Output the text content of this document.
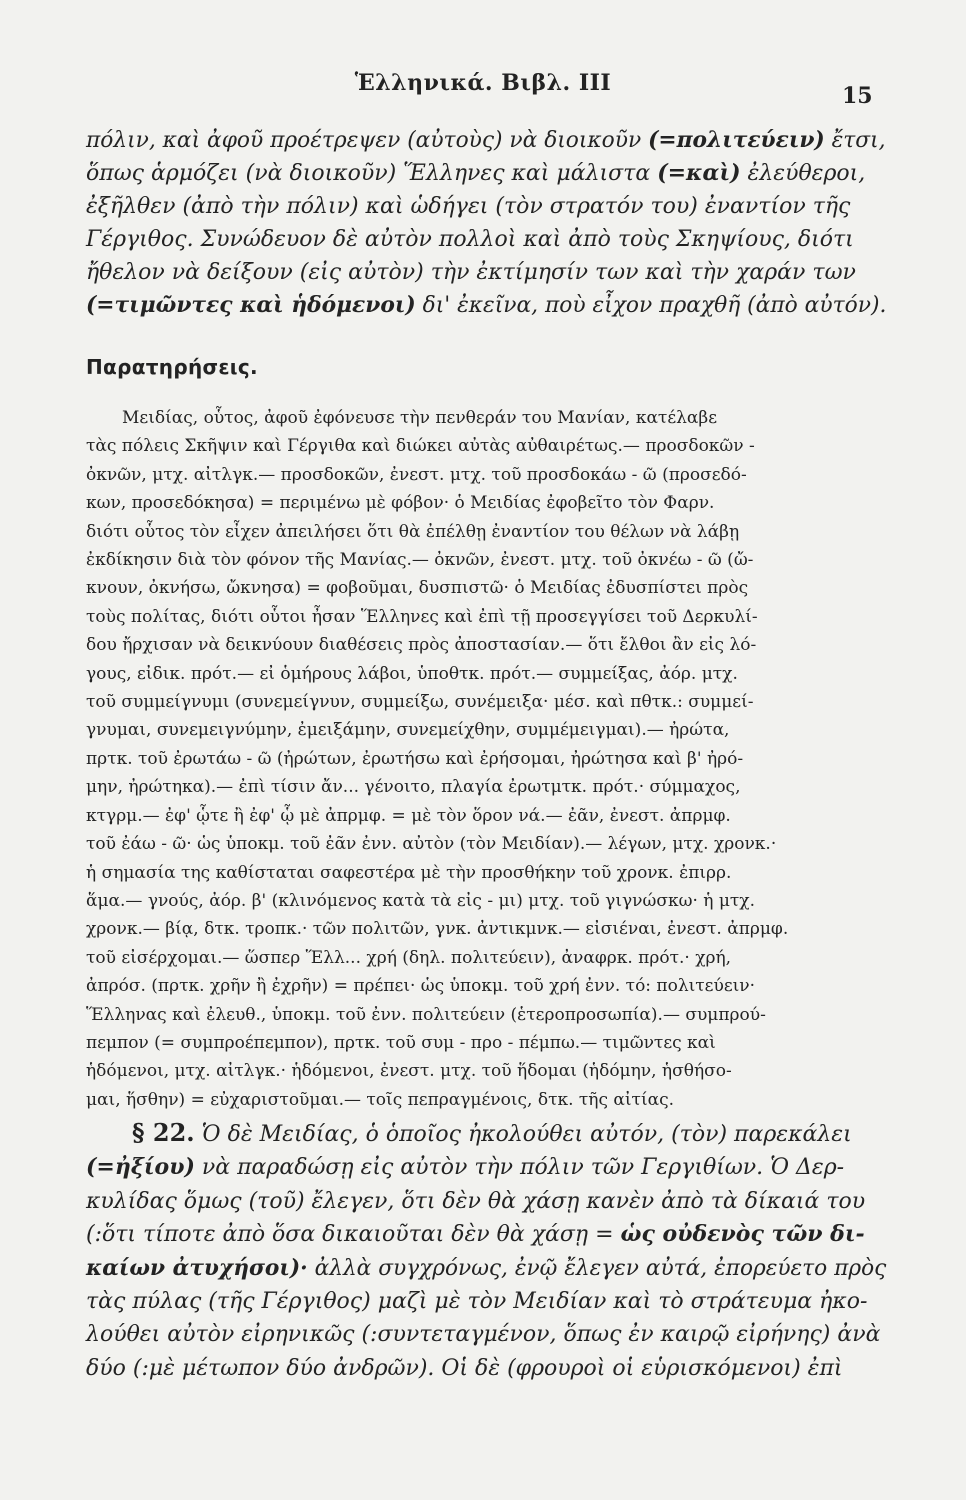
Ἑλληνικά. Βιβλ. III	15
πόλιν, καὶ ἀφοῦ προέτρεψεν (αὐτοὺς) νὰ διοικοῦν (=πολιτεύειν) ἔτσι,
ὅπως ἁρμόζει (νὰ διοικοῦν) Ἕλληνες καὶ μάλιστα (=καὶ) ἐλεύθεροι,
ἐξῆλθεν (ἀπὸ τὴν πόλιν) καὶ ὡδήγει (τὸν στρατόν του) ἐναντίον τῆς
Γέργιθος. Συνώδευον δὲ αὐτὸν πολλοὶ καὶ ἀπὸ τοὺς Σκηψίους, διότι
ἤθελον νὰ δείξουν (εἰς αὐτὸν) τὴν ἐκτίμησίν των καὶ τὴν χαράν των
(=τιμῶντες καὶ ἡδόμενοι) δι' ἐκεῖνα, ποὺ εἶχον πραχθῆ (ἀπὸ αὐτόν).
Παρατηρήσεις.
Μειδίας, οὗτος, ἀφοῦ ἐφόνευσε τὴν πενθεράν του Μανίαν, κατέλαβε
τὰς πόλεις Σκῆψιν καὶ Γέργιθα καὶ διώκει αὐτὰς αὐθαιρέτως.— προσδοκῶν -
ὀκνῶν, μτχ. αἰτλγκ.— προσδοκῶν, ἐνεστ. μτχ. τοῦ προσδοκάω - ῶ (προσεδό-
κων, προσεδόκησα) = περιμένω μὲ φόβον· ὁ Μειδίας ἐφοβεῖτο τὸν Φαρν.
διότι οὗτος τὸν εἶχεν ἀπειλήσει ὅτι θὰ ἐπέλθῃ ἐναντίον του θέλων νὰ λάβῃ
ἐκδίκησιν διὰ τὸν φόνον τῆς Μανίας.— ὀκνῶν, ἐνεστ. μτχ. τοῦ ὀκνέω - ῶ (ὤ-
κνουν, ὀκνήσω, ὤκνησα) = φοβοῦμαι, δυσπιστῶ· ὁ Μειδίας ἐδυσπίστει πρὸς
τοὺς πολίτας, διότι οὗτοι ἦσαν Ἕλληνες καὶ ἐπὶ τῇ προσεγγίσει τοῦ Δερκυλί-
δου ἤρχισαν νὰ δεικνύουν διαθέσεις πρὸς ἀποστασίαν.— ὅτι ἔλθοι ἂν εἰς λό-
γους, εἰδικ. πρότ.— εἰ ὁμήρους λάβοι, ὑποθτκ. πρότ.— συμμείξας, ἀόρ. μτχ.
τοῦ συμμείγνυμι (συνεμείγνυν, συμμείξω, συνέμειξα· μέσ. καὶ πθτκ.: συμμεί-
γνυμαι, συνεμειγνύμην, ἐμειξάμην, συνεμείχθην, συμμέμειγμαι).— ἠρώτα,
πρτκ. τοῦ ἐρωτάω - ῶ (ἠρώτων, ἐρωτήσω καὶ ἐρήσομαι, ἠρώτησα καὶ β' ἠρό-
μην, ἠρώτηκα).— ἐπὶ τίσιν ἄν... γένοιτο, πλαγία ἐρωτμτκ. πρότ.· σύμμαχος,
κτγρμ.— ἐφ' ᾧτε ἢ ἐφ' ᾧ μὲ ἀπρμφ. = μὲ τὸν ὅρον νά.— ἐᾶν, ἐνεστ. ἀπρμφ.
τοῦ ἐάω - ῶ· ὡς ὑποκμ. τοῦ ἐᾶν ἐνν. αὐτὸν (τὸν Μειδίαν).— λέγων, μτχ. χρονκ.·
ἡ σημασία της καθίσταται σαφεστέρα μὲ τὴν προσθήκην τοῦ χρονκ. ἐπιρρ.
ἅμα.— γνούς, ἀόρ. β' (κλινόμενος κατὰ τὰ εἰς - μι) μτχ. τοῦ γιγνώσκω· ἡ μτχ.
χρονκ.— βίᾳ, δτκ. τροπκ.· τῶν πολιτῶν, γνκ. ἀντικμνκ.— εἰσιέναι, ἐνεστ. ἀπρμφ.
τοῦ εἰσέρχομαι.— ὥσπερ Ἕλλ... χρή (δηλ. πολιτεύειν), ἀναφρκ. πρότ.· χρή,
ἀπρόσ. (πρτκ. χρῆν ἢ ἐχρῆν) = πρέπει· ὡς ὑποκμ. τοῦ χρή ἐνν. τό: πολιτεύειν·
Ἕλληνας καὶ ἐλευθ., ὑποκμ. τοῦ ἐνν. πολιτεύειν (ἑτεροπροσωπία).— συμπρού-
πεμπον (= συμπροέπεμπον), πρτκ. τοῦ συμ - προ - πέμπω.— τιμῶντες καὶ
ἡδόμενοι, μτχ. αἰτλγκ.· ἡδόμενοι, ἐνεστ. μτχ. τοῦ ἥδομαι (ἡδόμην, ἡσθήσο-
μαι, ἥσθην) = εὐχαριστοῦμαι.— τοῖς πεπραγμένοις, δτκ. τῆς αἰτίας.
§ 22. Ὁ δὲ Μειδίας, ὁ ὁποῖος ἠκολούθει αὐτόν, (τὸν) παρεκάλει
(=ἠξίου) νὰ παραδώσῃ εἰς αὐτὸν τὴν πόλιν τῶν Γεργιθίων. Ὁ Δερ-
κυλίδας ὅμως (τοῦ) ἔλεγεν, ὅτι δὲν θὰ χάσῃ κανὲν ἀπὸ τὰ δίκαιά του
(:ὅτι τίποτε ἀπὸ ὅσα δικαιοῦται δὲν θὰ χάσῃ = ὡς οὐδενὸς τῶν δι-
καίων ἀτυχήσοι)· ἀλλὰ συγχρόνως, ἐνῷ ἔλεγεν αὐτά, ἐπορεύετο πρὸς
τὰς πύλας (τῆς Γέργιθος) μαζὶ μὲ τὸν Μειδίαν καὶ τὸ στράτευμα ἠκο-
λούθει αὐτὸν εἰρηνικῶς (:συντεταγμένον, ὅπως ἐν καιρῷ εἰρήνης) ἀνὰ
δύο (:μὲ μέτωπον δύο ἀνδρῶν). Οἱ δὲ (φρουροὶ οἱ εὑρισκόμενοι) ἐπὶ
